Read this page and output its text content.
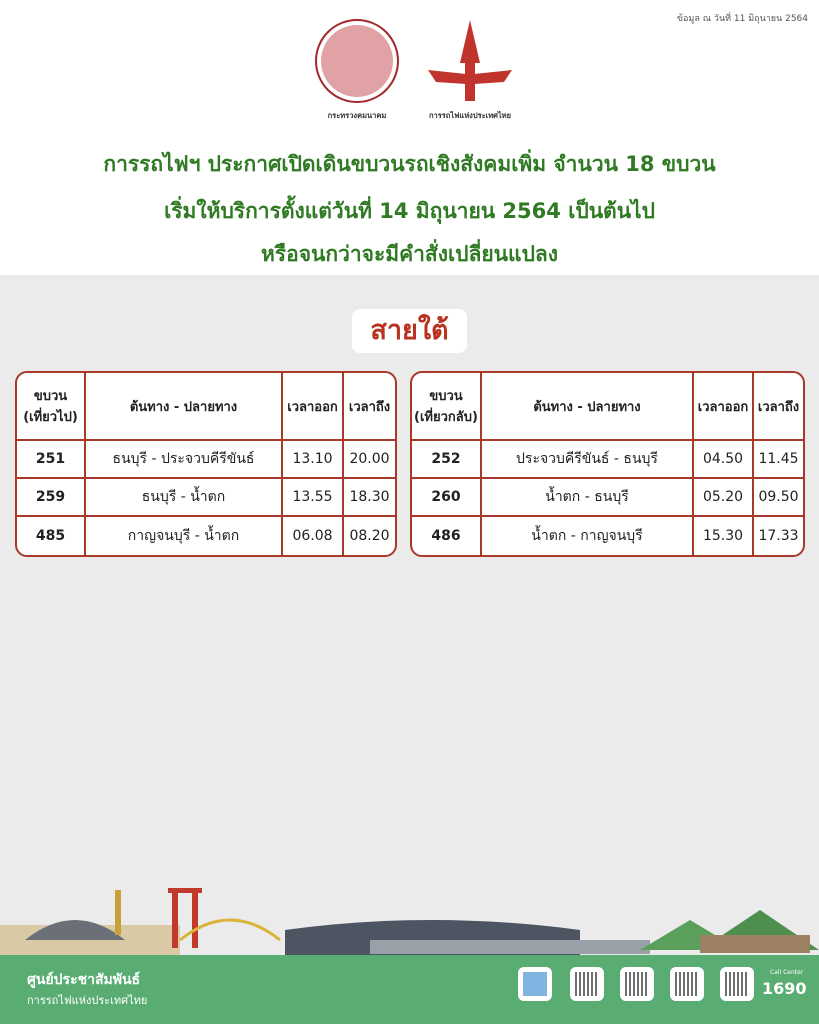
ข้อมูล ณ วันที่ 11 มิถุนายน 2564
กระทรวงคมนาคม	การรถไฟแห่งประเทศไทย
การรถไฟฯ ประกาศเปิดเดินขบวนรถเชิงสังคมเพิ่ม จำนวน 18 ขบวน
เริ่มให้บริการตั้งแต่วันที่ 14 มิถุนายน 2564 เป็นต้นไป
หรือจนกว่าจะมีคำสั่งเปลี่ยนแปลง
สายใต้
ขบวน (เที่ยวไป)	ต้นทาง - ปลายทาง	เวลาออก	เวลาถึง
251	ธนบุรี - ประจวบคีรีขันธ์	13.10	20.00
259	ธนบุรี - น้ำตก	13.55	18.30
485	กาญจนบุรี - น้ำตก	06.08	08.20
ขบวน (เที่ยวกลับ)	ต้นทาง - ปลายทาง	เวลาออก	เวลาถึง
252	ประจวบคีรีขันธ์ - ธนบุรี	04.50	11.45
260	น้ำตก - ธนบุรี	05.20	09.50
486	น้ำตก - กาญจนบุรี	15.30	17.33
ศูนย์ประชาสัมพันธ์
การรถไฟแห่งประเทศไทย
Call Center
1690
